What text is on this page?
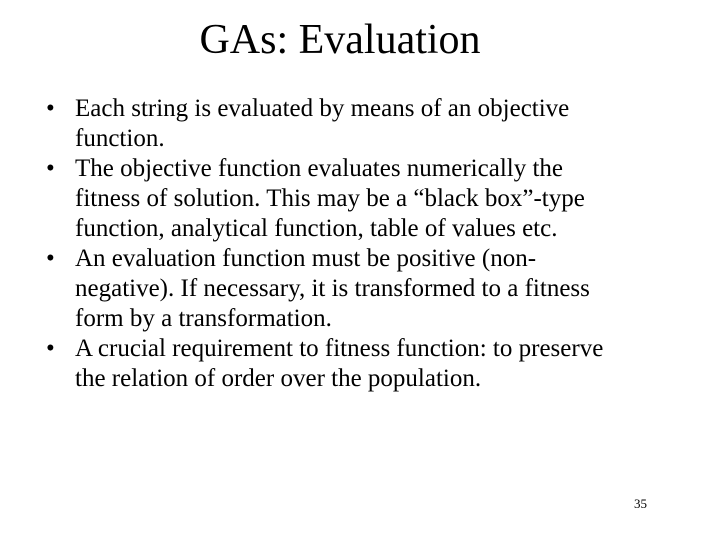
GAs: Evaluation
• Each string is evaluated by means of an objective
function.
• The objective function evaluates numerically the
fitness of solution. This may be a “black box”-type
function, analytical function, table of values etc.
• An evaluation function must be positive (non-
negative). If necessary, it is transformed to a fitness
form by a transformation.
• A crucial requirement to fitness function: to preserve
the relation of order over the population.
35
